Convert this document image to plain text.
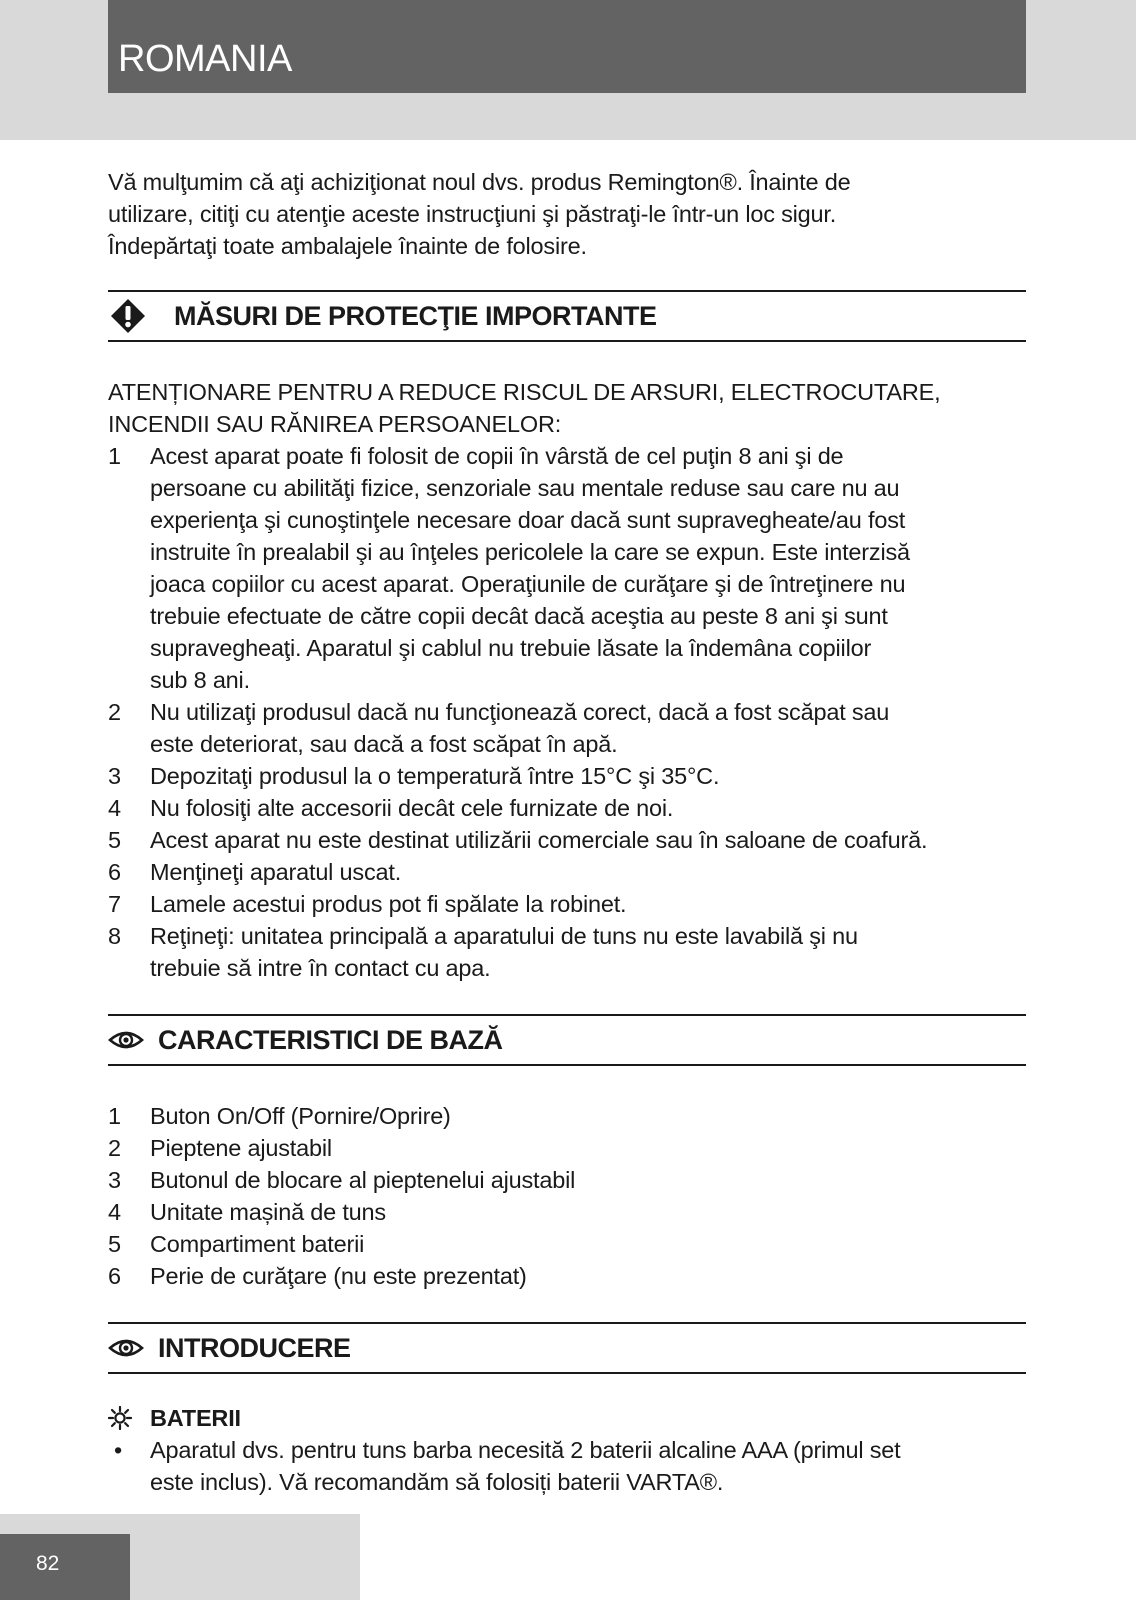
ROMANIA

Vă mulţumim că aţi achiziţionat noul dvs. produs Remington®. Înainte de
utilizare, citiţi cu atenţie aceste instrucţiuni şi păstraţi-le într-un loc sigur.
Îndepărtaţi toate ambalajele înainte de folosire.

MĂSURI DE PROTECŢIE IMPORTANTE
ATENȚIONARE PENTRU A REDUCE RISCUL DE ARSURI, ELECTROCUTARE,
INCENDII SAU RĂNIREA PERSOANELOR:
1	Acest aparat poate fi folosit de copii în vârstă de cel puţin 8 ani şi de
persoane cu abilităţi fizice, senzoriale sau mentale reduse sau care nu au
experienţa şi cunoştinţele necesare doar dacă sunt supravegheate/au fost
instruite în prealabil şi au înţeles pericolele la care se expun. Este interzisă
joaca copiilor cu acest aparat. Operaţiunile de curăţare şi de întreţinere nu
trebuie efectuate de către copii decât dacă aceştia au peste 8 ani şi sunt
supravegheaţi. Aparatul şi cablul nu trebuie lăsate la îndemâna copiilor
sub 8 ani.
2	Nu utilizaţi produsul dacă nu funcţionează corect, dacă a fost scăpat sau
este deteriorat, sau dacă a fost scăpat în apă.
3	Depozitaţi produsul la o temperatură între 15°C şi 35°C.
4	Nu folosiţi alte accesorii decât cele furnizate de noi.
5	Acest aparat nu este destinat utilizării comerciale sau în saloane de coafură.
6	Menţineţi aparatul uscat.
7	Lamele acestui produs pot fi spălate la robinet.
8	Reţineţi: unitatea principală a aparatului de tuns nu este lavabilă şi nu
trebuie să intre în contact cu apa.
CARACTERISTICI DE BAZĂ
1	Buton On/Off (Pornire/Oprire)
2	Pieptene ajustabil
3	Butonul de blocare al pieptenelui ajustabil
4	Unitate mașină de tuns
5	Compartiment baterii
6	Perie de curăţare (nu este prezentat)
INTRODUCERE
BATERII
•	Aparatul dvs. pentru tuns barba necesită 2 baterii alcaline AAA (primul set
este inclus). Vă recomandăm să folosiți baterii VARTA®.
82
